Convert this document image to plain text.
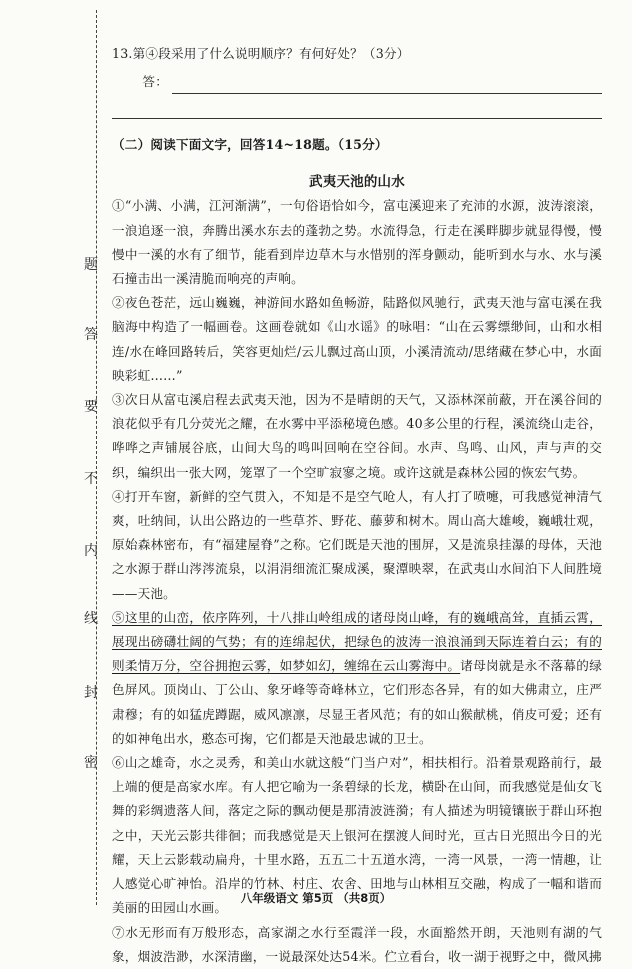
题
答
要
不
内
线
封
密

13.第④段采用了什么说明顺序？有何好处？（3分）

答：

（二）阅读下面文字，回答14~18题。（15分）

武夷天池的山水

①“小满、小满，江河渐满”，一句俗语恰如今，富屯溪迎来了充沛的水源，波涛滚滚，一浪追逐一浪，奔腾出溪水东去的蓬勃之势。水流得急，行走在溪畔脚步就显得慢，慢慢中一溪的水有了细节，能看到岸边草木与水惜别的浑身颤动，能听到水与水、水与溪石撞击出一溪清脆而响亮的声响。

②夜色苍茫，远山巍巍，神游间水路如鱼畅游，陆路似风驰行，武夷天池与富屯溪在我脑海中构造了一幅画卷。这画卷就如《山水谣》的咏唱：“山在云雾缥缈间，山和水相连/水在峰回路转后，笑容更灿烂/云儿飘过高山顶，小溪清流动/思绪藏在梦心中，水面映彩虹……”

③次日从富屯溪启程去武夷天池，因为不是晴朗的天气，又添林深前蔽，开在溪谷间的浪花似乎有几分荧光之耀，在水雾中平添秘境色感。40多公里的行程，溪流绕山走谷，哗哗之声铺展谷底，山间大鸟的鸣叫回响在空谷间。水声、鸟鸣、山风，声与声的交织，编织出一张大网，笼罩了一个空旷寂寥之境。或许这就是森林公园的恢宏气势。

④打开车窗，新鲜的空气贯入，不知是不是空气呛人，有人打了喷嚏，可我感觉神清气爽，吐纳间，认出公路边的一些草芥、野花、藤萝和树木。周山高大雄峻，巍峨壮观，原始森林密布，有“福建屋脊”之称。它们既是天池的围屏，又是流泉挂瀑的母体，天池之水源于群山涔涔流泉，以涓涓细流汇聚成溪，聚潭映翠，在武夷山水间泊下人间胜境——天池。

⑤这里的山峦，依序阵列，十八排山岭组成的诸母岗山峰，有的巍峨高耸，直插云霄，展现出磅礴壮阔的气势；有的连绵起伏，把绿色的波涛一浪浪涌到天际连着白云；有的则柔情万分，空谷拥抱云雾，如梦如幻，缠绵在云山雾海中。诸母岗就是永不落幕的绿色屏风。顶岗山、丁公山、象牙峰等奇峰林立，它们形态各异，有的如大佛肃立，庄严肃穆；有的如猛虎蹲踞，威风凛凛，尽显王者风范；有的如山猴献桃，俏皮可爱；还有的如神龟出水，憨态可掬，它们都是天池最忠诚的卫士。

⑥山之雄奇，水之灵秀，和美山水就这般“门当户对”，相扶相行。沿着景观路前行，最上端的便是高家水库。有人把它喻为一条碧绿的长龙，横卧在山间，而我感觉是仙女飞舞的彩绸遗落人间，落定之际的飘动便是那清波涟漪；有人描述为明镜镶嵌于群山环抱之中，天光云影共徘徊；而我感觉是天上银河在摆渡人间时光，亘古日光照出今日的光耀，天上云影载动扁舟，十里水路，五五二十五道水湾，一湾一风景，一湾一情趣，让人感觉心旷神怡。沿岸的竹林、村庄、农舍、田地与山林相互交融，构成了一幅和谐而美丽的田园山水画。

⑦水无形而有万般形态，高家湖之水行至霞洋一段，水面豁然开朗，天池则有湖的气象，烟波浩渺，水深清幽，一说最深处达54米。伫立看台，收一湖于视野之中，微风拂

八年级语文 第5页 （共8页）
